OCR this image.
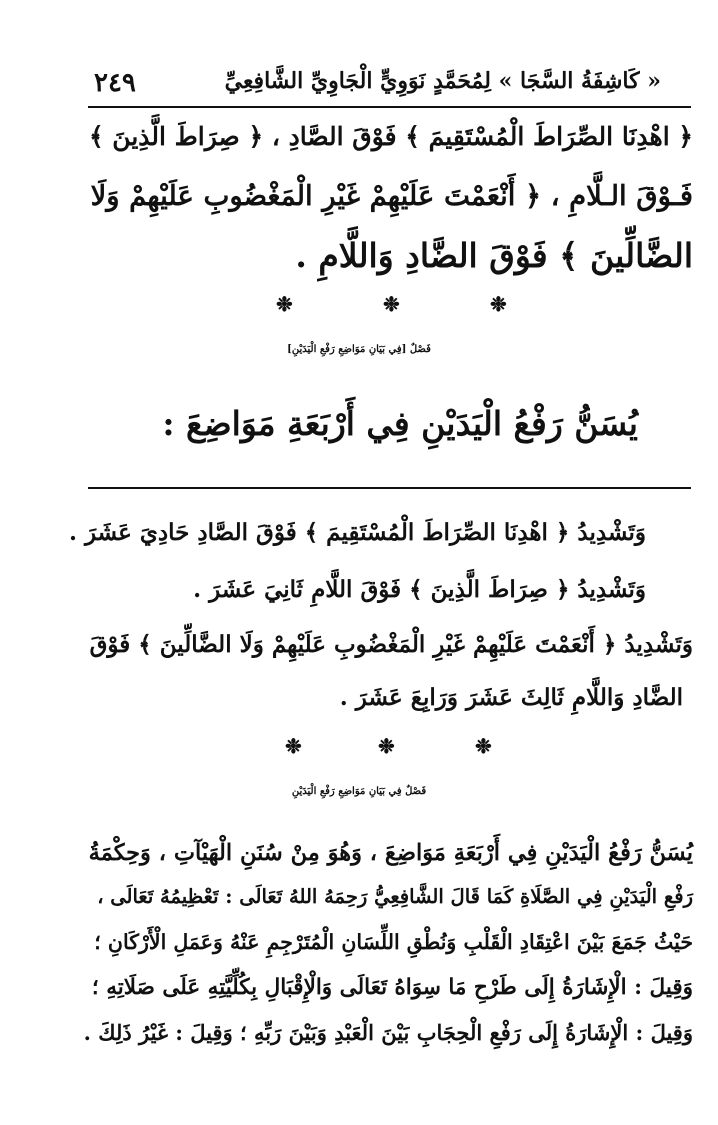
٢٤٩	« كَاشِفَةُ السَّجَا » لِمُحَمَّدٍ نَوَوِيٍّ الْجَاوِيِّ الشَّافِعِيِّ
﴿ اهْدِنَا الصِّرَاطَ الْمُسْتَقِيمَ ﴾ فَوْقَ الصَّادِ ، ﴿ صِرَاطَ الَّذِينَ ﴾
فَـوْقَ الـلَّامِ ، ﴿ أَنْعَمْتَ عَلَيْهِمْ غَيْرِ الْمَغْضُوبِ عَلَيْهِمْ وَلَا
الضَّالِّينَ ﴾ فَوْقَ الضَّادِ وَاللَّامِ .
❉
❉
❉
فَصْلٌ [فِي بَيَانِ مَوَاضِعِ رَفْعِ الْيَدَيْنِ]
يُسَنُّ رَفْعُ الْيَدَيْنِ فِي أَرْبَعَةِ مَوَاضِعَ :
وَتَشْدِيدُ ﴿ اهْدِنَا الصِّرَاطَ الْمُسْتَقِيمَ ﴾ فَوْقَ الصَّادِ حَادِيَ عَشَرَ .
وَتَشْدِيدُ ﴿ صِرَاطَ الَّذِينَ ﴾ فَوْقَ اللَّامِ ثَانِيَ عَشَرَ .
وَتَشْدِيدُ ﴿ أَنْعَمْتَ عَلَيْهِمْ غَيْرِ الْمَغْضُوبِ عَلَيْهِمْ وَلَا الضَّالِّينَ ﴾ فَوْقَ
الضَّادِ وَاللَّامِ ثَالِثَ عَشَرَ وَرَابِعَ عَشَرَ .
❉
❉
❉
فَصْلٌ فِي بَيَانِ مَوَاضِعِ رَفْعِ الْيَدَيْنِ
يُسَنُّ رَفْعُ الْيَدَيْنِ فِي أَرْبَعَةِ مَوَاضِعَ ، وَهُوَ مِنْ سُنَنِ الْهَيْآتِ ، وَحِكْمَةُ
رَفْعِ الْيَدَيْنِ فِي الصَّلَاةِ كَمَا قَالَ الشَّافِعِيُّ رَحِمَهُ اللهُ تَعَالَى : تَعْظِيمُهُ تَعَالَى ،
حَيْثُ جَمَعَ بَيْنَ اعْتِقَادِ الْقَلْبِ وَنُطْقِ اللِّسَانِ الْمُتَرْجِمِ عَنْهُ وَعَمَلِ الْأَرْكَانِ ؛
وَقِيلَ : الْإِشَارَةُ إِلَى طَرْحِ مَا سِوَاهُ تَعَالَى وَالْإِقْبَالِ بِكُلِّيَّتِهِ عَلَى صَلَاتِهِ ؛
وَقِيلَ : الْإِشَارَةُ إِلَى رَفْعِ الْحِجَابِ بَيْنَ الْعَبْدِ وَبَيْنَ رَبِّهِ ؛ وَقِيلَ : غَيْرُ ذَلِكَ .
